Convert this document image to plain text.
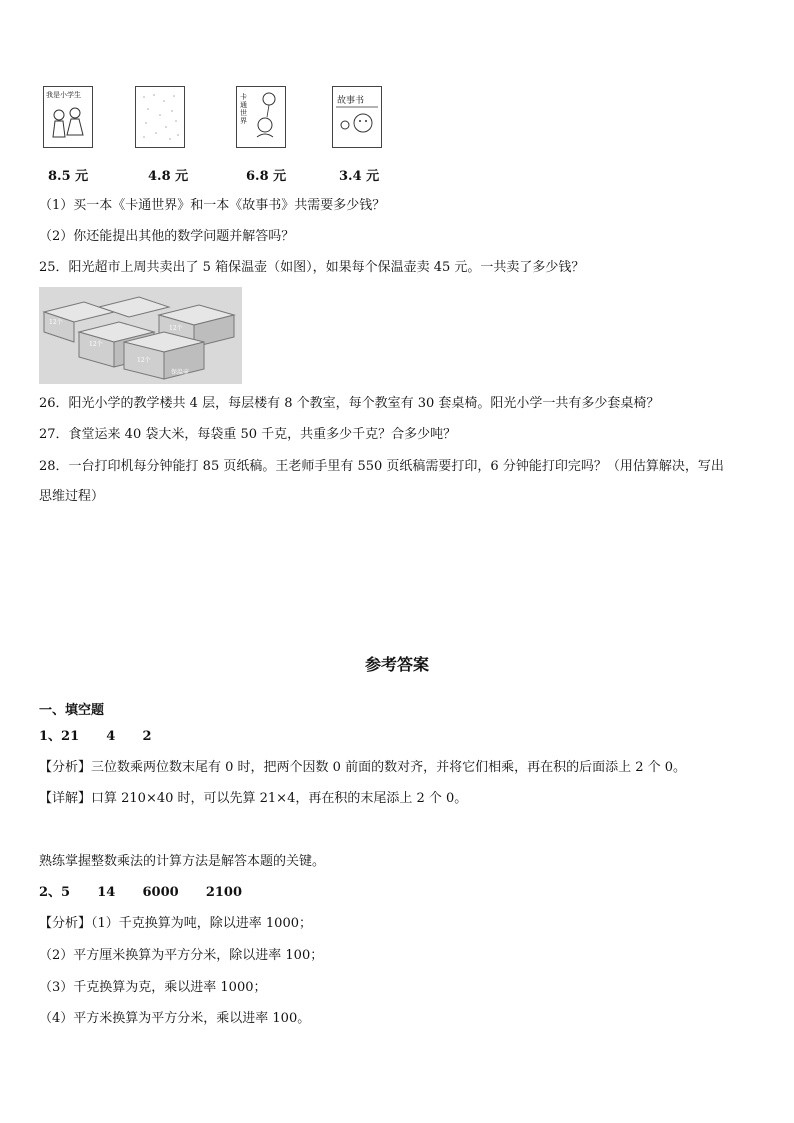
我是小学生	卡通世界
故事书
8.5 元	4.8 元	6.8 元	3.4 元
（1）买一本《卡通世界》和一本《故事书》共需要多少钱？
（2）你还能提出其他的数学问题并解答吗？
25．阳光超市上周共卖出了 5 箱保温壶（如图），如果每个保温壶卖 45 元。一共卖了多少钱？
12个
12个
12个
12个
保温壶
26．阳光小学的教学楼共 4 层，每层楼有 8 个教室，每个教室有 30 套桌椅。阳光小学一共有多少套桌椅？
27．食堂运来 40 袋大米，每袋重 50 千克，共重多少千克？合多少吨？
28．一台打印机每分钟能打 85 页纸稿。王老师手里有 550 页纸稿需要打印，6 分钟能打印完吗？（用估算解决，写出
思维过程）
参考答案
一、填空题
1、21      4      2
【分析】三位数乘两位数末尾有 0 时，把两个因数 0 前面的数对齐，并将它们相乘，再在积的后面添上 2 个 0。
【详解】口算 210×40 时，可以先算 21×4，再在积的末尾添上 2 个 0。
熟练掌握整数乘法的计算方法是解答本题的关键。
2、5      14      6000      2100
【分析】（1）千克换算为吨，除以进率 1000；
（2）平方厘米换算为平方分米，除以进率 100；
（3）千克换算为克，乘以进率 1000；
（4）平方米换算为平方分米，乘以进率 100。
